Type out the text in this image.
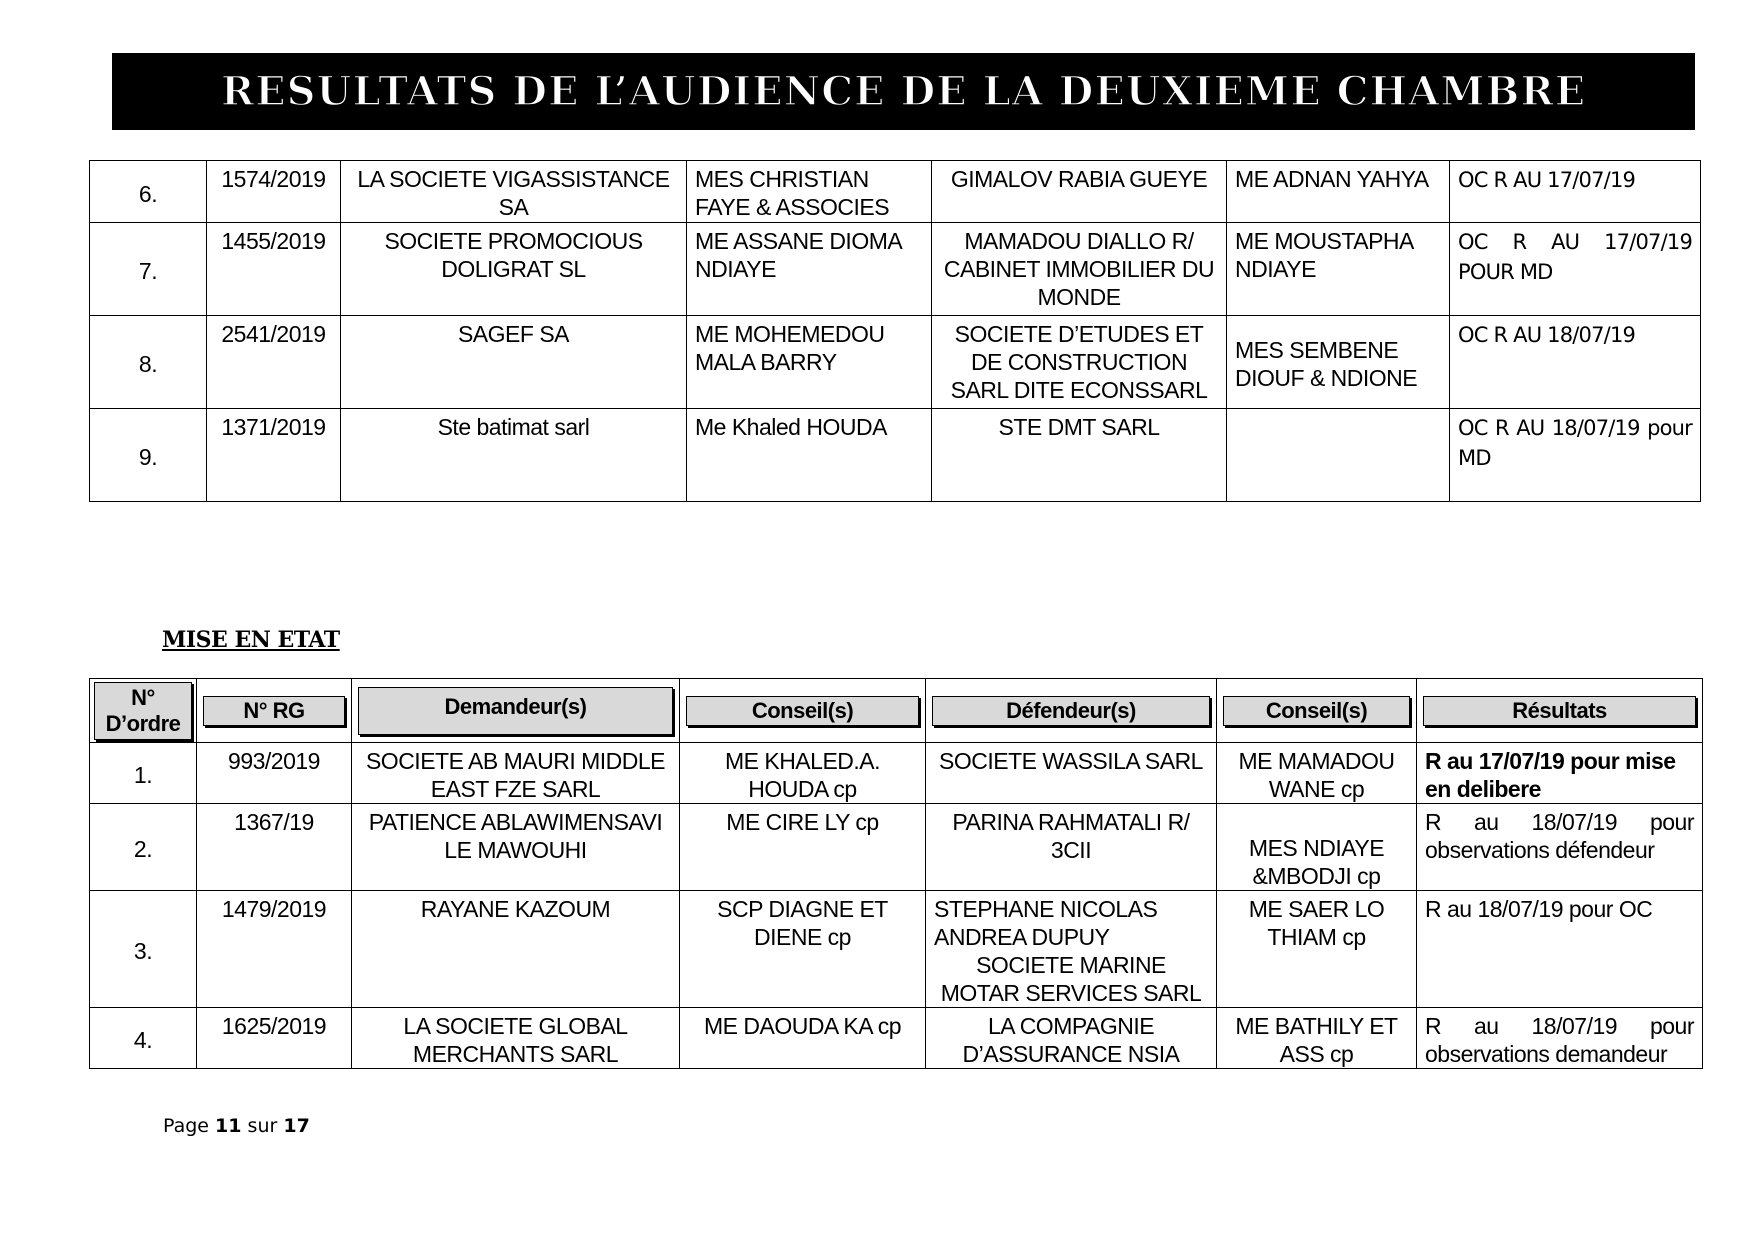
RESULTATS DE L’AUDIENCE DE LA DEUXIEME CHAMBRE
6.	1574/2019	LA SOCIETE VIGASSISTANCE SA	MES CHRISTIAN FAYE & ASSOCIES	GIMALOV RABIA GUEYE	ME ADNAN YAHYA	OC R AU 17/07/19
7.	1455/2019	SOCIETE PROMOCIOUS DOLIGRAT SL	ME ASSANE DIOMA NDIAYE	MAMADOU DIALLO R/ CABINET IMMOBILIER DU MONDE	ME MOUSTAPHA NDIAYE	OC R AU 17/07/19 POUR MD
8.	2541/2019	SAGEF SA	ME MOHEMEDOU MALA BARRY	SOCIETE D’ETUDES ET DE CONSTRUCTION SARL DITE ECONSSARL	MES SEMBENE DIOUF & NDIONE	OC R AU 18/07/19
9.	1371/2019	Ste batimat sarl	Me Khaled HOUDA	STE DMT SARL		OC R AU 18/07/19 pour MD
MISE EN ETAT
N° D’ordre	N° RG	Demandeur(s)	Conseil(s)	Défendeur(s)	Conseil(s)	Résultats

1.	993/2019	SOCIETE AB MAURI MIDDLE EAST FZE SARL	ME KHALED.A. HOUDA cp	SOCIETE WASSILA SARL	ME MAMADOU WANE cp	R au 17/07/19 pour mise en delibere
2.	1367/19	PATIENCE ABLAWIMENSAVI LE MAWOUHI	ME CIRE LY cp	PARINA RAHMATALI R/ 3CII	MES NDIAYE &MBODJI cp	R au 18/07/19 pour observations défendeur
3.	1479/2019	RAYANE KAZOUM	SCP DIAGNE ET DIENE cp	STEPHANE NICOLAS ANDREA DUPUY
SOCIETE MARINE MOTAR SERVICES SARL	ME SAER LO THIAM cp	R au 18/07/19 pour OC
4.	1625/2019	LA SOCIETE GLOBAL MERCHANTS SARL	ME DAOUDA KA cp	LA COMPAGNIE D’ASSURANCE NSIA	ME BATHILY ET ASS cp	R au 18/07/19 pour observations demandeur
Page 11 sur 17
